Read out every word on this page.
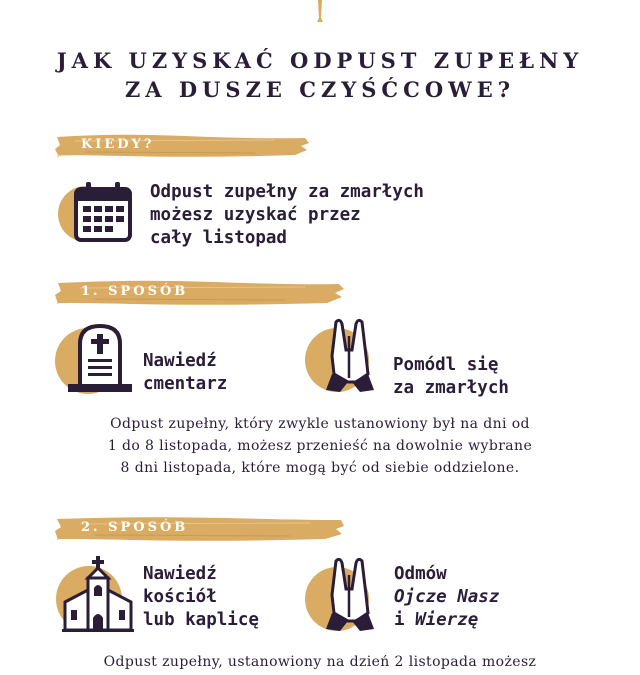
JAK UZYSKAĆ ODPUST ZUPEŁNY
ZA DUSZE CZYŚĆCOWE?
KIEDY?
Odpust zupełny za zmarłych
możesz uzyskać przez
cały listopad
1. SPOSÓB
Nawiedź
cmentarz
Pomódl się
za zmarłych
Odpust zupełny, który zwykle ustanowiony był na dni od
1 do 8 listopada, możesz przenieść na dowolnie wybrane
8 dni listopada, które mogą być od siebie oddzielone.
2. SPOSÓB
Nawiedź
kościół
lub kaplicę
Odmów
Ojcze Nasz
i Wierzę
Odpust zupełny, ustanowiony na dzień 2 listopada możesz
